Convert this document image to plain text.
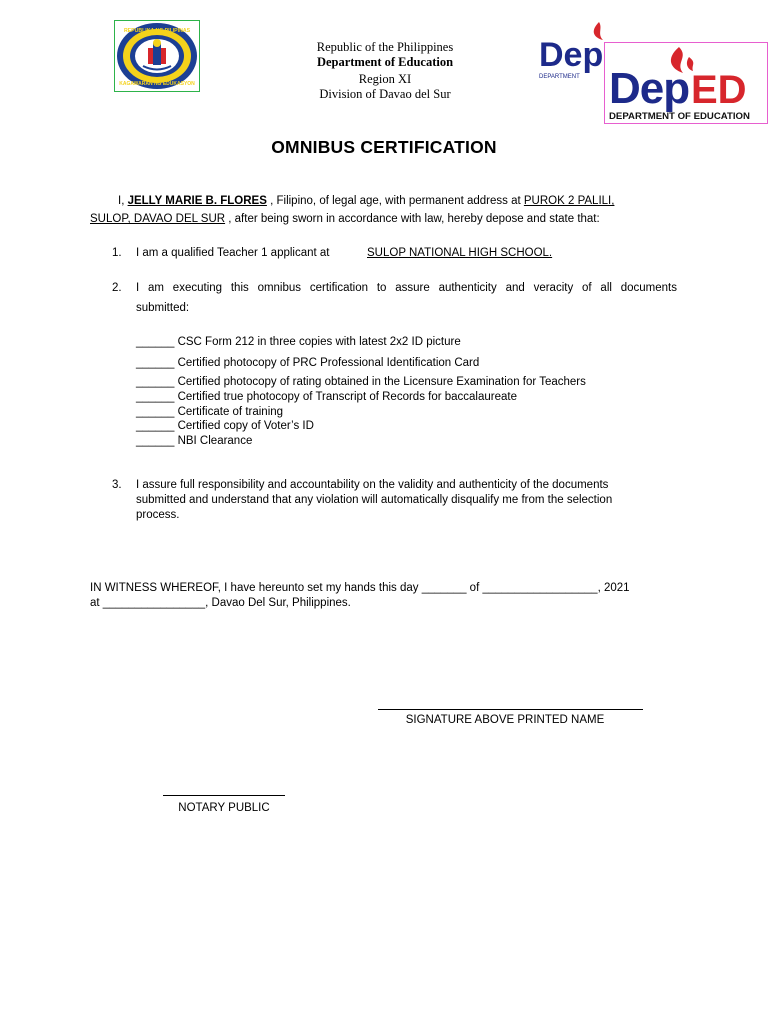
REPUBLIKA NG PILIPINAS
KAGAWARAN NG EDUKASYON
Republic of the Philippines
Department of Education
Region XI
Division of Davao del Sur
Dep
DEPARTMENT Dep ED
DEPARTMENT OF EDUCATION
OMNIBUS CERTIFICATION
I, JELLY MARIE B. FLORES , Filipino, of legal age, with permanent address at PUROK 2 PALILI,
SULOP, DAVAO DEL SUR , after being sworn in accordance with law, hereby depose and state that:
1. I am a qualified Teacher 1 applicant at	SULOP NATIONAL HIGH SCHOOL.
2. I am executing this omnibus certification to assure authenticity and veracity of all documents
submitted:
______ CSC Form 212 in three copies with latest 2x2 ID picture
______ Certified photocopy of PRC Professional Identification Card
______ Certified photocopy of rating obtained in the Licensure Examination for Teachers
______ Certified true photocopy of Transcript of Records for baccalaureate
______ Certificate of training
______ Certified copy of Voter’s ID
______ NBI Clearance
3. I assure full responsibility and accountability on the validity and authenticity of the documents
submitted and understand that any violation will automatically disqualify me from the selection
process.
IN WITNESS WHEREOF, I have hereunto set my hands this day _______ of __________________, 2021
at ________________, Davao Del Sur, Philippines.
SIGNATURE ABOVE PRINTED NAME
NOTARY PUBLIC
